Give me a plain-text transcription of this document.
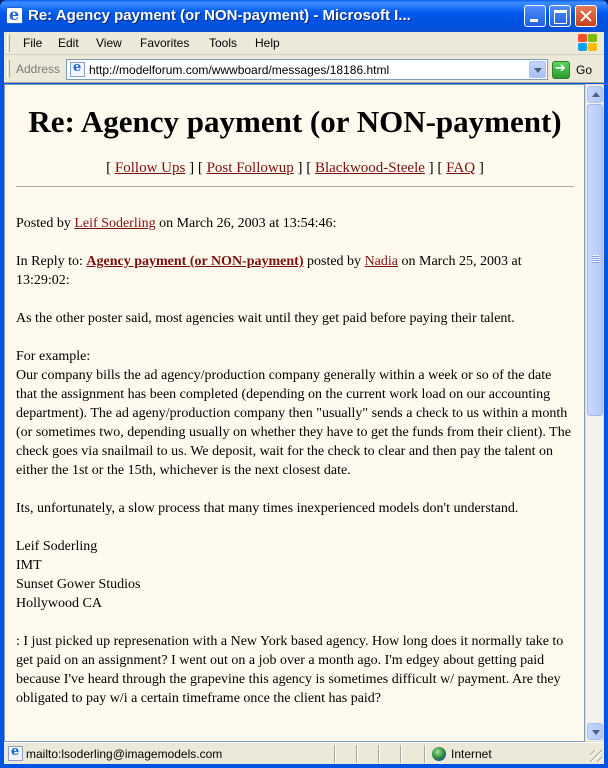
e
Re: Agency payment (or NON-payment) - Microsoft I...
File Edit View Favorites Tools Help
Address e http://modelforum.com/wwwboard/messages/18186.html ➔	Go
Re: Agency payment (or NON-payment)
[ Follow Ups ] [ Post Followup ] [ Blackwood-Steele ] [ FAQ ]

Posted by Leif Soderling on March 26, 2003 at 13:54:46:

In Reply to: Agency payment (or NON-payment) posted by Nadia on March 25, 2003 at 13:29:02:

As the other poster said, most agencies wait until they get paid before paying their talent.

For example:
Our company bills the ad agency/production company generally within a week or so of the date that the assignment has been completed (depending on the current work load on our accounting department). The ad ageny/production company then "usually" sends a check to us within a month (or sometimes two, depending usually on whether they have to get the funds from their client). The check goes via snailmail to us. We deposit, wait for the check to clear and then pay the talent on either the 1st or the 15th, whichever is the next closest date.

Its, unfortunately, a slow process that many times inexperienced models don't understand.

Leif Soderling
IMT
Sunset Gower Studios
Hollywood CA

: I just picked up represenation with a New York based agency. How long does it normally take to get paid on an assignment? I went out on a job over a month ago. I'm edgey about getting paid because I've heard through the grapevine this agency is sometimes difficult w/ payment. Are they obligated to pay w/i a certain timeframe once the client has paid?

e
mailto:lsoderling@imagemodels.com	Internet
